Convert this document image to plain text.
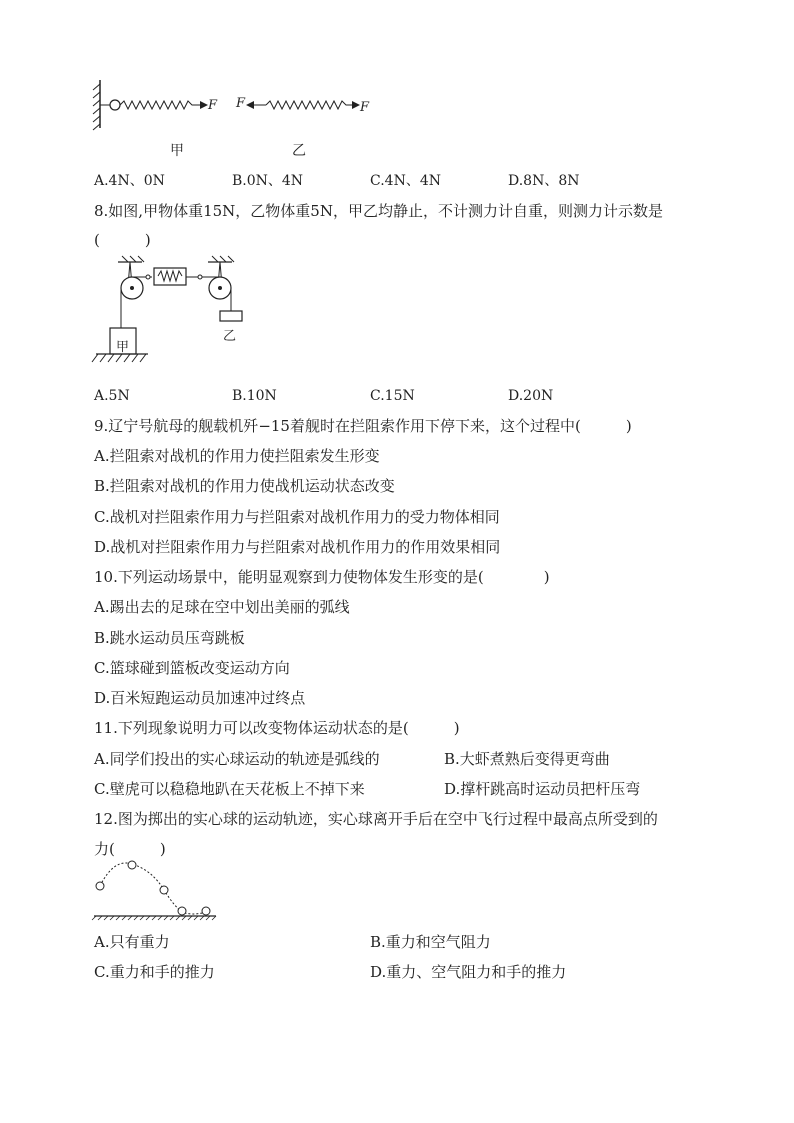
F F	F
甲	乙
A.4N、0N	B.0N、4N	C.4N、4N	D.8N、8N
8.如图,甲物体重15N，乙物体重5N，甲乙均静止，不计测力计自重，则测力计示数是
(　　　)
甲
乙
A.5N	B.10N	C.15N	D.20N
9.辽宁号航母的舰载机歼−15着舰时在拦阻索作用下停下来，这个过程中(　　　)
A.拦阻索对战机的作用力使拦阻索发生形变
B.拦阻索对战机的作用力使战机运动状态改变
C.战机对拦阻索作用力与拦阻索对战机作用力的受力物体相同
D.战机对拦阻索作用力与拦阻索对战机作用力的作用效果相同
10.下列运动场景中，能明显观察到力使物体发生形变的是(　　　　)
A.踢出去的足球在空中划出美丽的弧线
B.跳水运动员压弯跳板
C.篮球碰到篮板改变运动方向
D.百米短跑运动员加速冲过终点
11.下列现象说明力可以改变物体运动状态的是(　　　)
A.同学们投出的实心球运动的轨迹是弧线的	B.大虾煮熟后变得更弯曲
C.壁虎可以稳稳地趴在天花板上不掉下来	D.撑杆跳高时运动员把杆压弯
12.图为掷出的实心球的运动轨迹，实心球离开手后在空中飞行过程中最高点所受到的
力(　　　)
A.只有重力	B.重力和空气阻力
C.重力和手的推力	D.重力、空气阻力和手的推力
